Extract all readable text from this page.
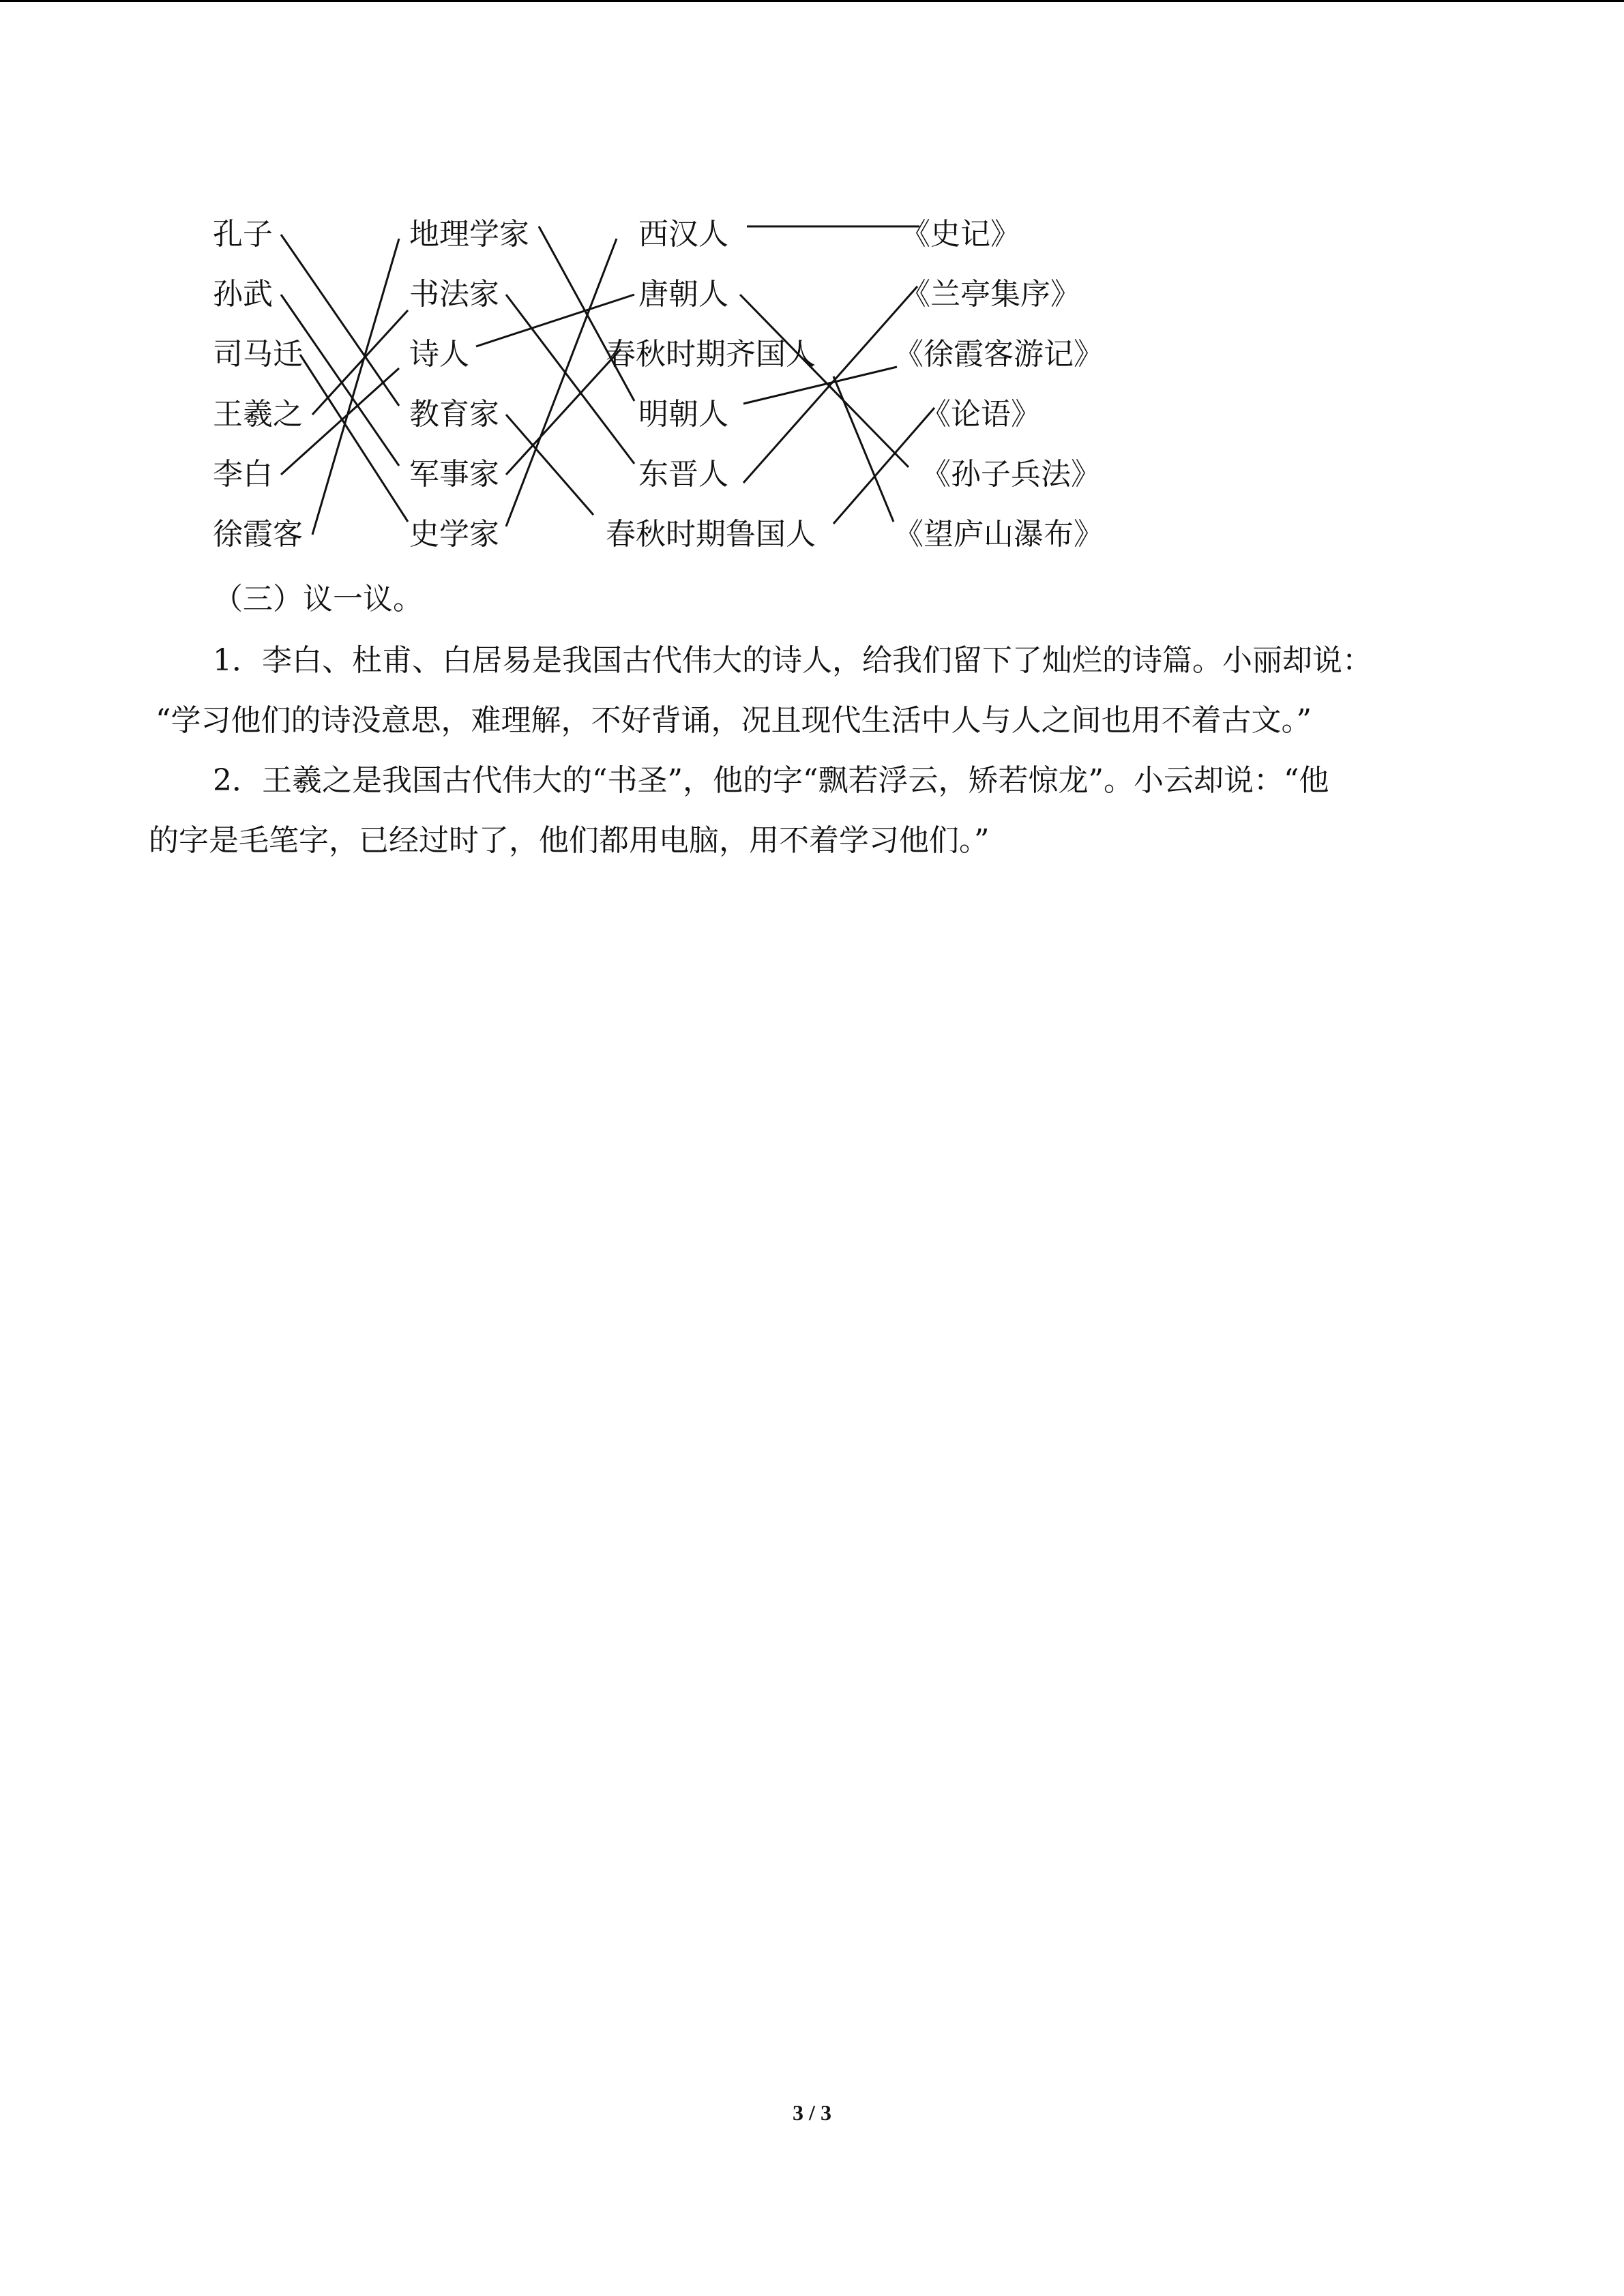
孔子
孙武
司马迁
王羲之
李白
徐霞客
地理学家
书法家
诗人
教育家
军事家
史学家
西汉人
唐朝人
春秋时期齐国人
明朝人
东晋人
春秋时期鲁国人
《史记》
《兰亭集序》
《徐霞客游记》
《论语》
《孙子兵法》
《望庐山瀑布》
（三）议一议。
1．李白、杜甫、白居易是我国古代伟大的诗人，给我们留下了灿烂的诗篇。小丽却说：
“学习他们的诗没意思，难理解，不好背诵，况且现代生活中人与人之间也用不着古文。”
2．王羲之是我国古代伟大的“书圣”，他的字“飘若浮云，矫若惊龙”。小云却说：“他
的字是毛笔字，已经过时了，他们都用电脑，用不着学习他们。”
3 / 3
